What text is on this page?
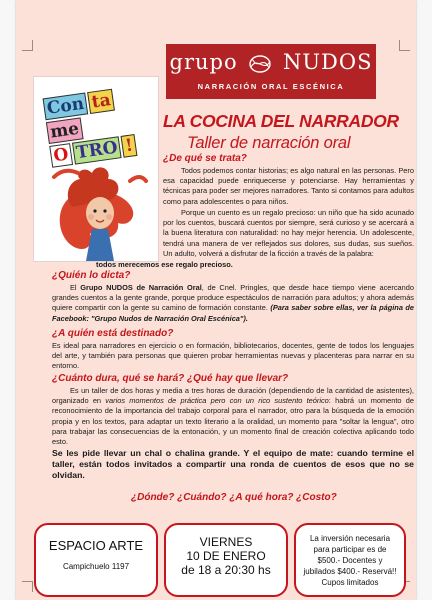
grupo NUDOS
NARRACIÓN ORAL ESCÉNICA
Con tame
O TRO !
LA COCINA DEL NARRADOR
Taller de narración oral
¿De qué se trata?

Todos podemos contar historias; es algo natural en las personas. Pero esa capacidad puede enriquecerse y potenciarse. Hay herramientas y técnicas para poder ser mejores narradores. Tanto si contamos para adultos como para adolescentes o para niños.

Porque un cuento es un regalo precioso: un niño que ha sido acunado por los cuentos, buscará cuentos por siempre, será curioso y se acercará a la buena literatura con naturalidad: no hay mejor herencia. Un adolescente, tendrá una manera de ver reflejados sus dolores, sus dudas, sus sueños. Un adulto, volverá a disfrutar de la ficción a través de la palabra:

todos merecemos ese regalo precioso.

¿Quién lo dicta?

El Grupo NUDOS de Narración Oral, de Cnel. Pringles, que desde hace tiempo viene acercando grandes cuentos a la gente grande, porque produce espectáculos de narración para adultos; y ahora además quiere compartir con la gente su camino de formación constante. (Para saber sobre ellas, ver la página de Facebook: "Grupo Nudos de Narración Oral Escénica").

¿A quién está destinado?

Es ideal para narradores en ejercicio o en formación, bibliotecarios, docentes, gente de todos los lenguajes del arte, y también para personas que quieren probar herramientas nuevas y placenteras para narrar en su entorno.

¿Cuánto dura, qué se hará? ¿Qué hay que llevar?

Es un taller de dos horas y media a tres horas de duración (dependiendo de la cantidad de asistentes), organizado en varios momentos de práctica pero con un rico sustento teórico: habrá un momento de reconocimiento de la importancia del trabajo corporal para el narrador, otro para la búsqueda de la emoción propia y en los textos, para adaptar un texto literario a la oralidad, un momento para "soltar la lengua", otro para trabajar las consecuencias de la entonación, y un momento final de creación colectiva aplicando todo esto.

Se les pide llevar un chal o chalina grande. Y el equipo de mate: cuando termine el taller, están todos invitados a compartir una ronda de cuentos de esos que no se olvidan.

¿Dónde? ¿Cuándo? ¿A qué hora? ¿Costo?
ESPACIO ARTE
Campichuelo 1197
VIERNES
10 DE ENERO
de 18 a 20:30 hs
La inversión necesaria
para participar es de
$500.- Docentes y
jubilados $400.- Reservá!!
Cupos limitados
